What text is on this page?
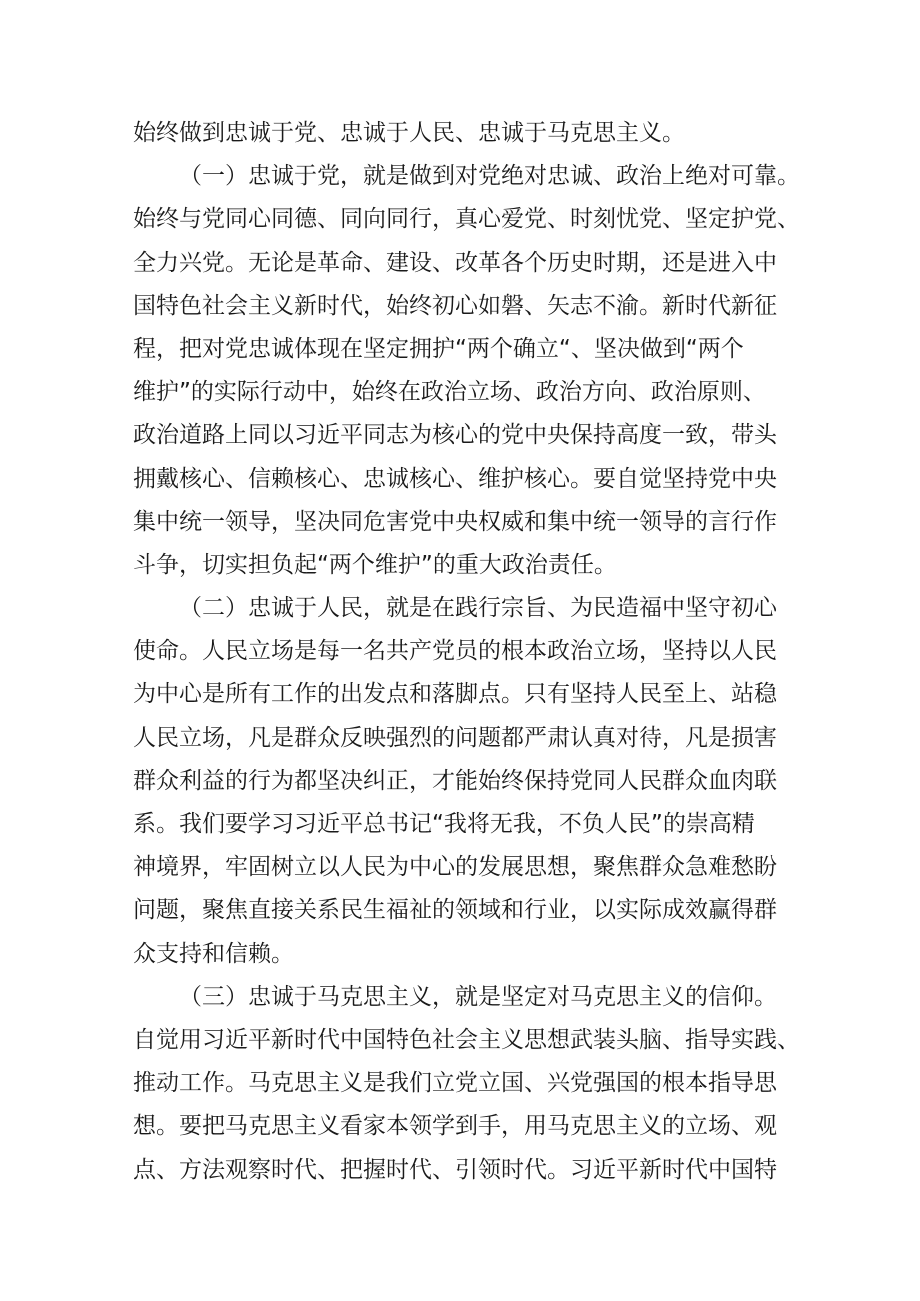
始终做到忠诚于党、忠诚于人民、忠诚于马克思主义。
（一）忠诚于党，就是做到对党绝对忠诚、政治上绝对可靠。
始终与党同心同德、同向同行，真心爱党、时刻忧党、坚定护党、
全力兴党。无论是革命、建设、改革各个历史时期，还是进入中
国特色社会主义新时代，始终初心如磐、矢志不渝。新时代新征
程，把对党忠诚体现在坚定拥护“两个确立“、坚决做到“两个
维护”的实际行动中，始终在政治立场、政治方向、政治原则、
政治道路上同以习近平同志为核心的党中央保持高度一致，带头
拥戴核心、信赖核心、忠诚核心、维护核心。要自觉坚持党中央
集中统一领导，坚决同危害党中央权威和集中统一领导的言行作
斗争，切实担负起“两个维护”的重大政治责任。
（二）忠诚于人民，就是在践行宗旨、为民造福中坚守初心
使命。人民立场是每一名共产党员的根本政治立场，坚持以人民
为中心是所有工作的出发点和落脚点。只有坚持人民至上、站稳
人民立场，凡是群众反映强烈的问题都严肃认真对待，凡是损害
群众利益的行为都坚决纠正，才能始终保持党同人民群众血肉联
系。我们要学习习近平总书记“我将无我，不负人民”的崇高精
神境界，牢固树立以人民为中心的发展思想，聚焦群众急难愁盼
问题，聚焦直接关系民生福祉的领域和行业，以实际成效赢得群
众支持和信赖。
（三）忠诚于马克思主义，就是坚定对马克思主义的信仰。
自觉用习近平新时代中国特色社会主义思想武装头脑、指导实践、
推动工作。马克思主义是我们立党立国、兴党强国的根本指导思
想。要把马克思主义看家本领学到手，用马克思主义的立场、观
点、方法观察时代、把握时代、引领时代。习近平新时代中国特
